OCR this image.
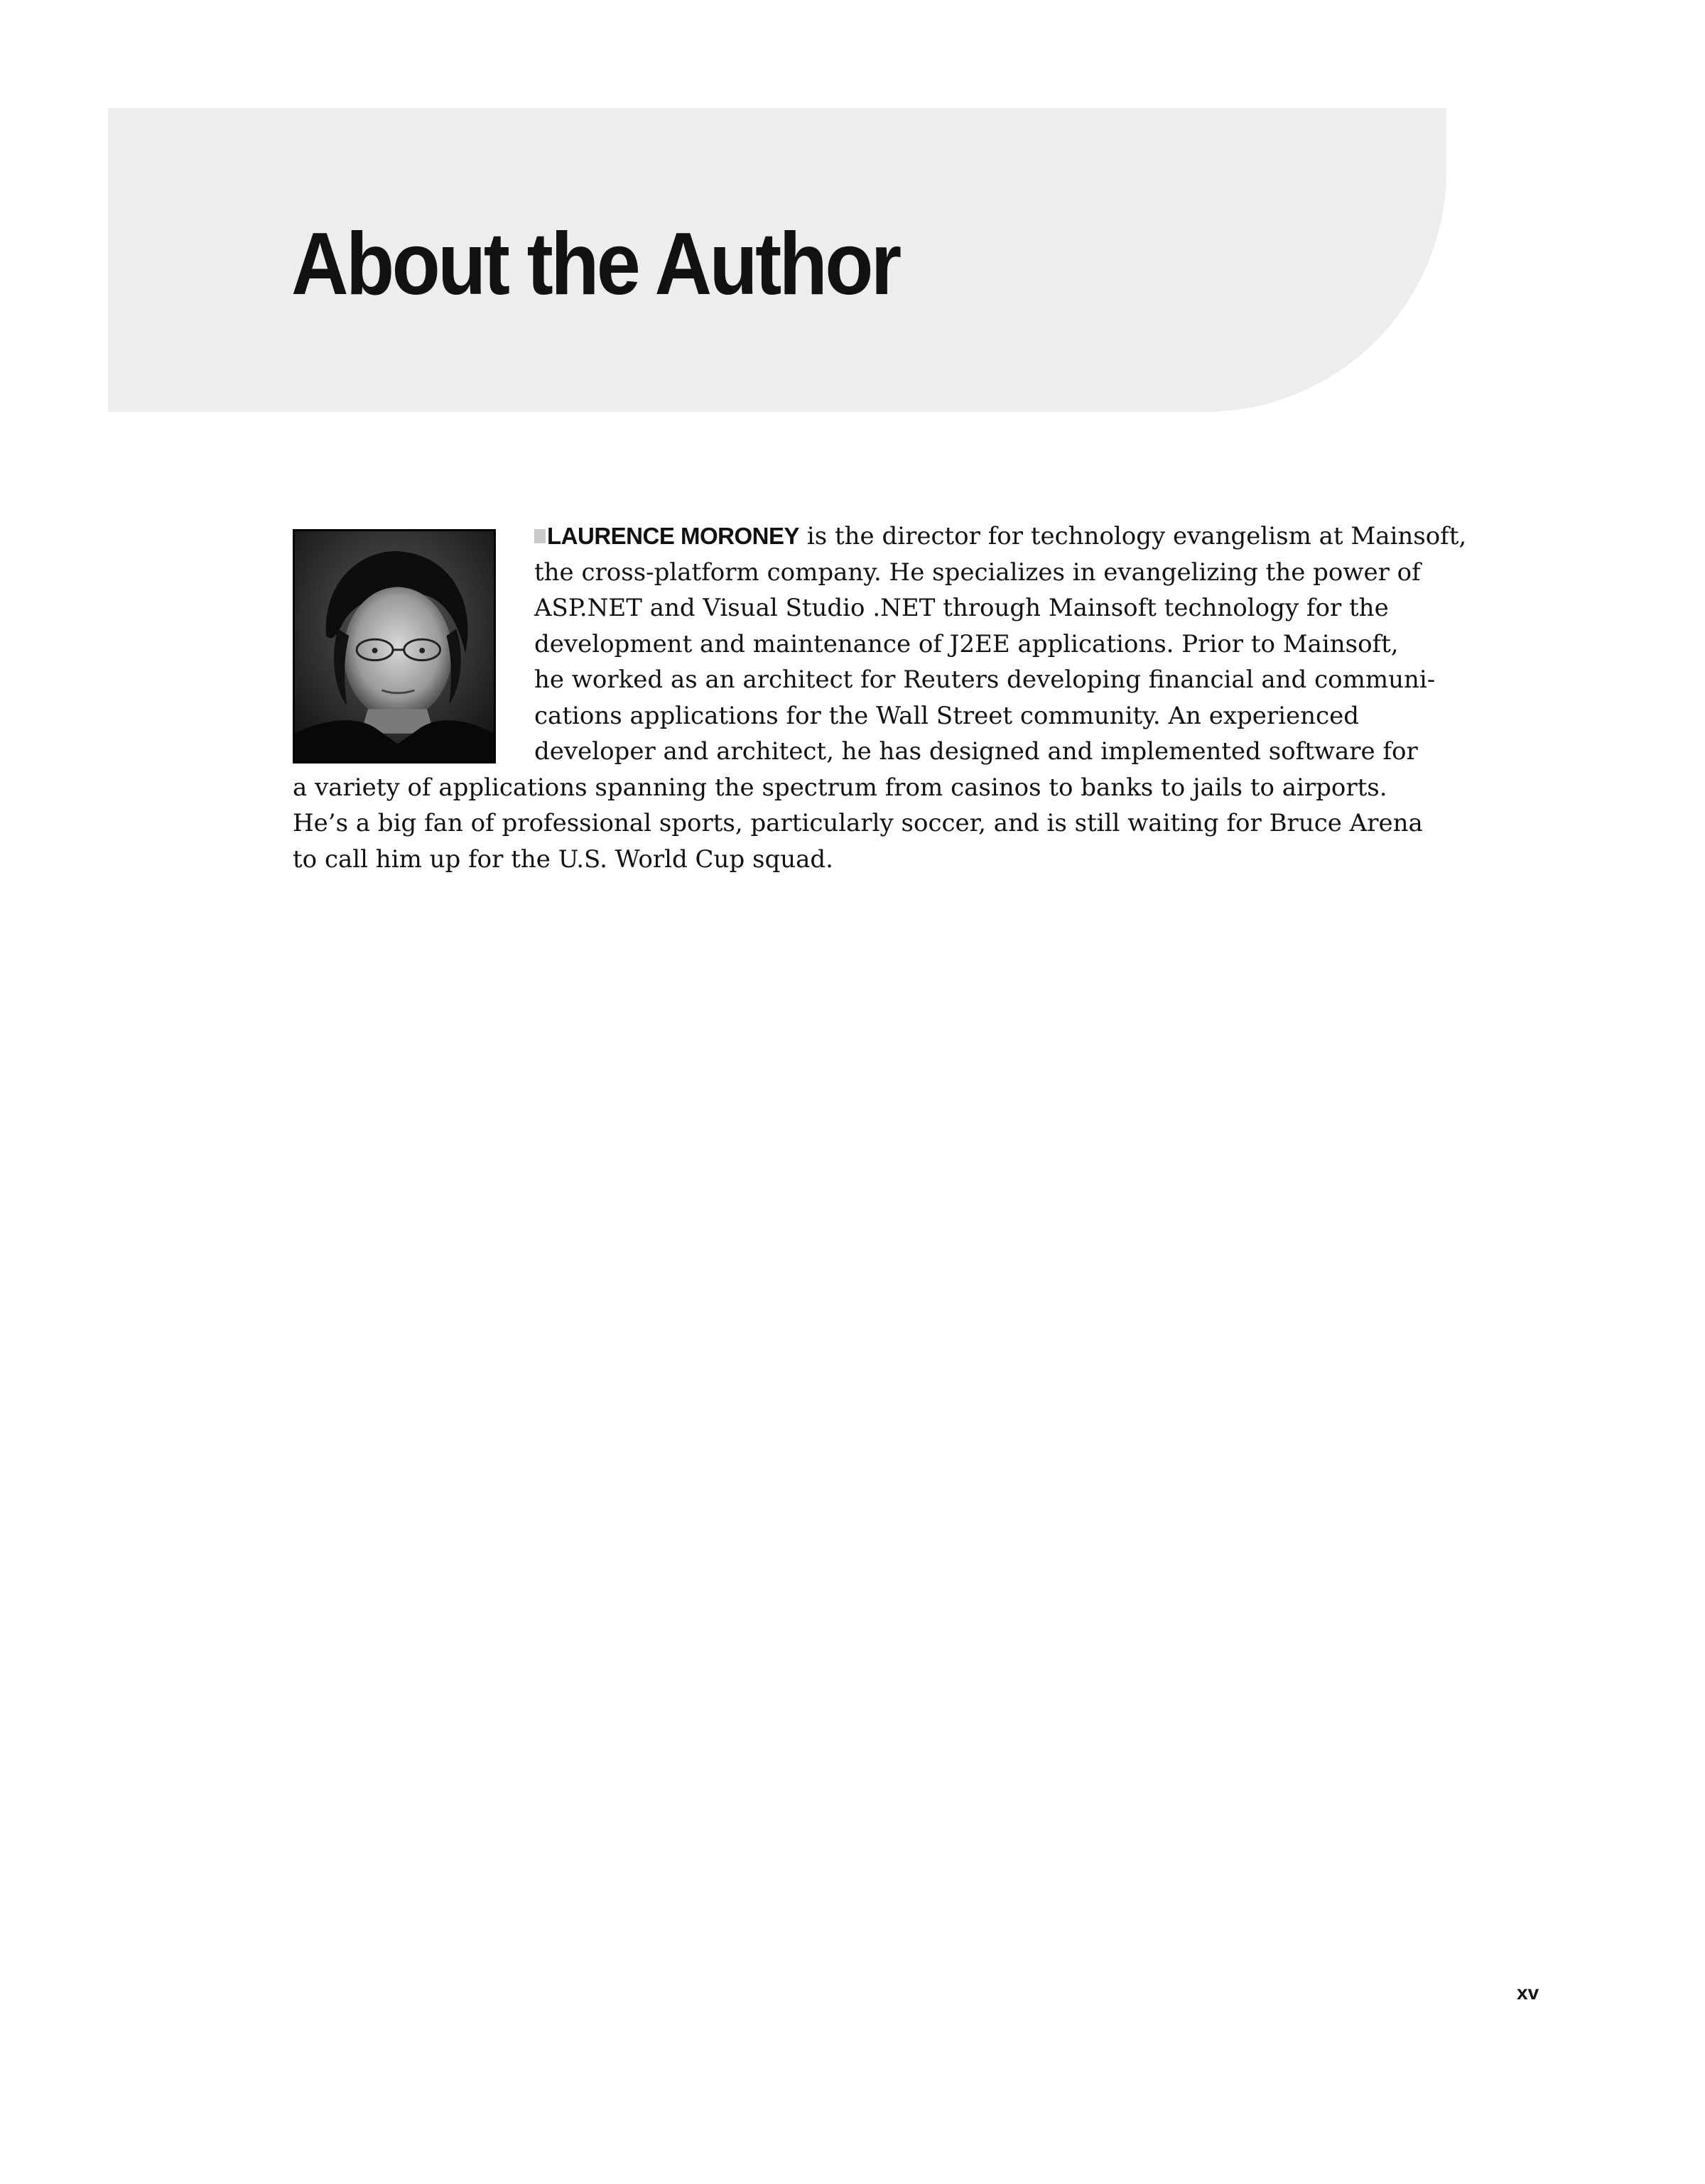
About the Author
LAURENCE MORONEY is the director for technology evangelism at Mainsoft,
the cross-platform company. He specializes in evangelizing the power of
ASP.NET and Visual Studio .NET through Mainsoft technology for the
development and maintenance of J2EE applications. Prior to Mainsoft,
he worked as an architect for Reuters developing financial and communi-
cations applications for the Wall Street community. An experienced
developer and architect, he has designed and implemented software for
a variety of applications spanning the spectrum from casinos to banks to jails to airports.
He’s a big fan of professional sports, particularly soccer, and is still waiting for Bruce Arena
to call him up for the U.S. World Cup squad.
xv
